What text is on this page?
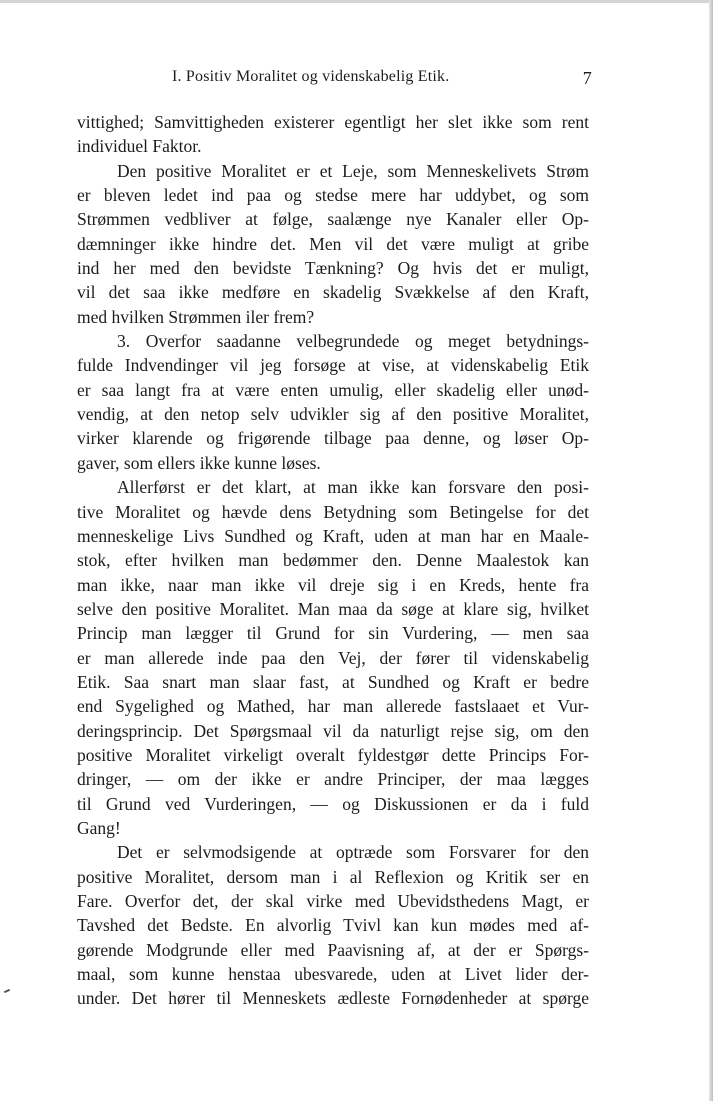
I. Positiv Moralitet og videnskabelig Etik.	7
vittighed; Samvittigheden existerer egentligt her slet ikke som rent
individuel Faktor.
Den positive Moralitet er et Leje, som Menneskelivets Strøm
er bleven ledet ind paa og stedse mere har uddybet, og som
Strømmen vedbliver at følge, saalænge nye Kanaler eller Op-
dæmninger ikke hindre det. Men vil det være muligt at gribe
ind her med den bevidste Tænkning? Og hvis det er muligt,
vil det saa ikke medføre en skadelig Svækkelse af den Kraft,
med hvilken Strømmen iler frem?
3. Overfor saadanne velbegrundede og meget betydnings-
fulde Indvendinger vil jeg forsøge at vise, at videnskabelig Etik
er saa langt fra at være enten umulig, eller skadelig eller unød-
vendig, at den netop selv udvikler sig af den positive Moralitet,
virker klarende og frigørende tilbage paa denne, og løser Op-
gaver, som ellers ikke kunne løses.
Allerførst er det klart, at man ikke kan forsvare den posi-
tive Moralitet og hævde dens Betydning som Betingelse for det
menneskelige Livs Sundhed og Kraft, uden at man har en Maale-
stok, efter hvilken man bedømmer den. Denne Maalestok kan
man ikke, naar man ikke vil dreje sig i en Kreds, hente fra
selve den positive Moralitet. Man maa da søge at klare sig, hvilket
Princip man lægger til Grund for sin Vurdering, — men saa
er man allerede inde paa den Vej, der fører til videnskabelig
Etik. Saa snart man slaar fast, at Sundhed og Kraft er bedre
end Sygelighed og Mathed, har man allerede fastslaaet et Vur-
deringsprincip. Det Spørgsmaal vil da naturligt rejse sig, om den
positive Moralitet virkeligt overalt fyldestgør dette Princips For-
dringer, — om der ikke er andre Principer, der maa lægges
til Grund ved Vurderingen, — og Diskussionen er da i fuld
Gang!
Det er selvmodsigende at optræde som Forsvarer for den
positive Moralitet, dersom man i al Reflexion og Kritik ser en
Fare. Overfor det, der skal virke med Ubevidsthedens Magt, er
Tavshed det Bedste. En alvorlig Tvivl kan kun mødes med af-
gørende Modgrunde eller med Paavisning af, at der er Spørgs-
maal, som kunne henstaa ubesvarede, uden at Livet lider der-
under. Det hører til Menneskets ædleste Fornødenheder at spørge
